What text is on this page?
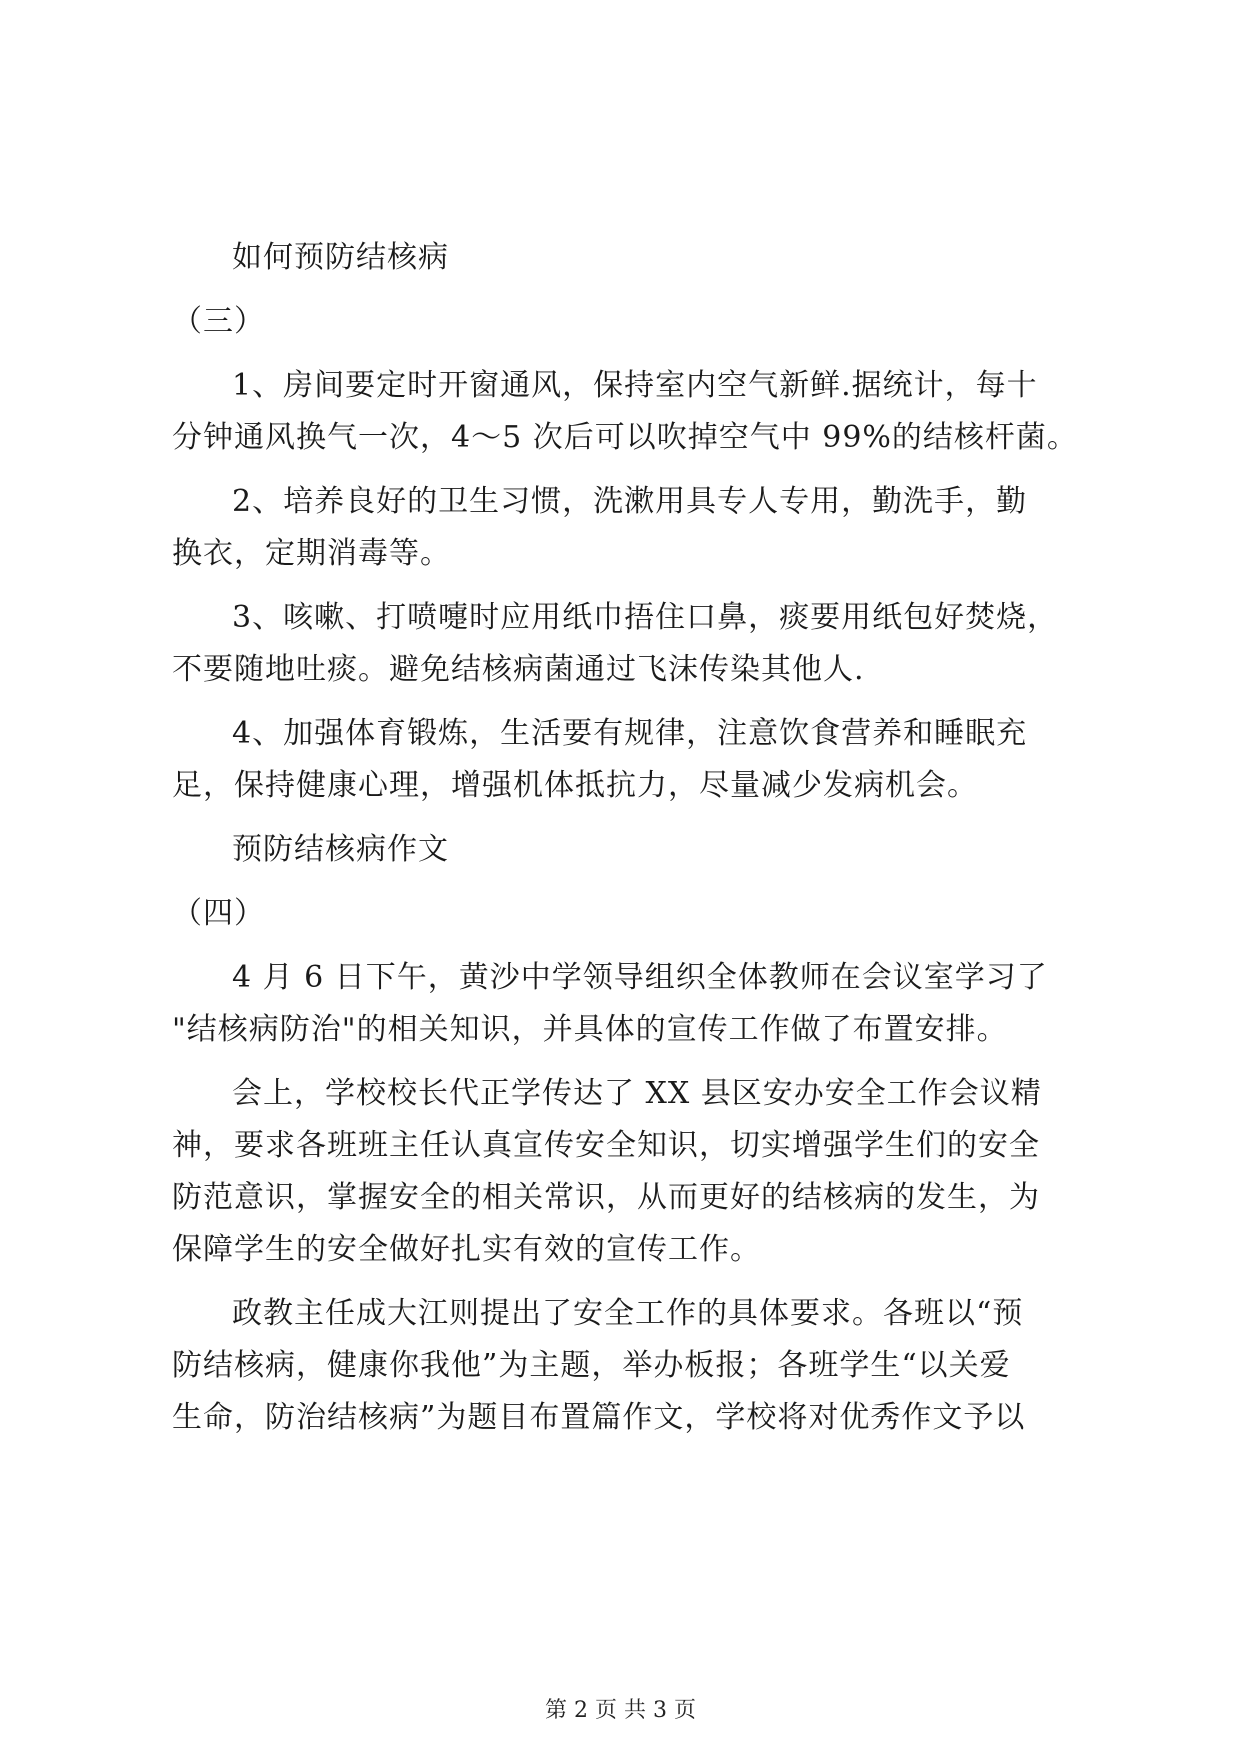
如何预防结核病
（三）
1、房间要定时开窗通风，保持室内空气新鲜.据统计，每十
分钟通风换气一次，4～5 次后可以吹掉空气中 99%的结核杆菌。
2、培养良好的卫生习惯，洗漱用具专人专用，勤洗手，勤
换衣，定期消毒等。
3、咳嗽、打喷嚏时应用纸巾捂住口鼻，痰要用纸包好焚烧，
不要随地吐痰。避免结核病菌通过飞沫传染其他人.
4、加强体育锻炼，生活要有规律，注意饮食营养和睡眠充
足，保持健康心理，增强机体抵抗力，尽量减少发病机会。
预防结核病作文
（四）
4 月 6 日下午，黄沙中学领导组织全体教师在会议室学习了
"结核病防治"的相关知识，并具体的宣传工作做了布置安排。
会上，学校校长代正学传达了 XX 县区安办安全工作会议精
神，要求各班班主任认真宣传安全知识，切实增强学生们的安全
防范意识，掌握安全的相关常识，从而更好的结核病的发生，为
保障学生的安全做好扎实有效的宣传工作。
政教主任成大江则提出了安全工作的具体要求。各班以“预
防结核病，健康你我他”为主题，举办板报；各班学生“以关爱
生命，防治结核病”为题目布置篇作文，学校将对优秀作文予以
第 2 页 共 3 页
